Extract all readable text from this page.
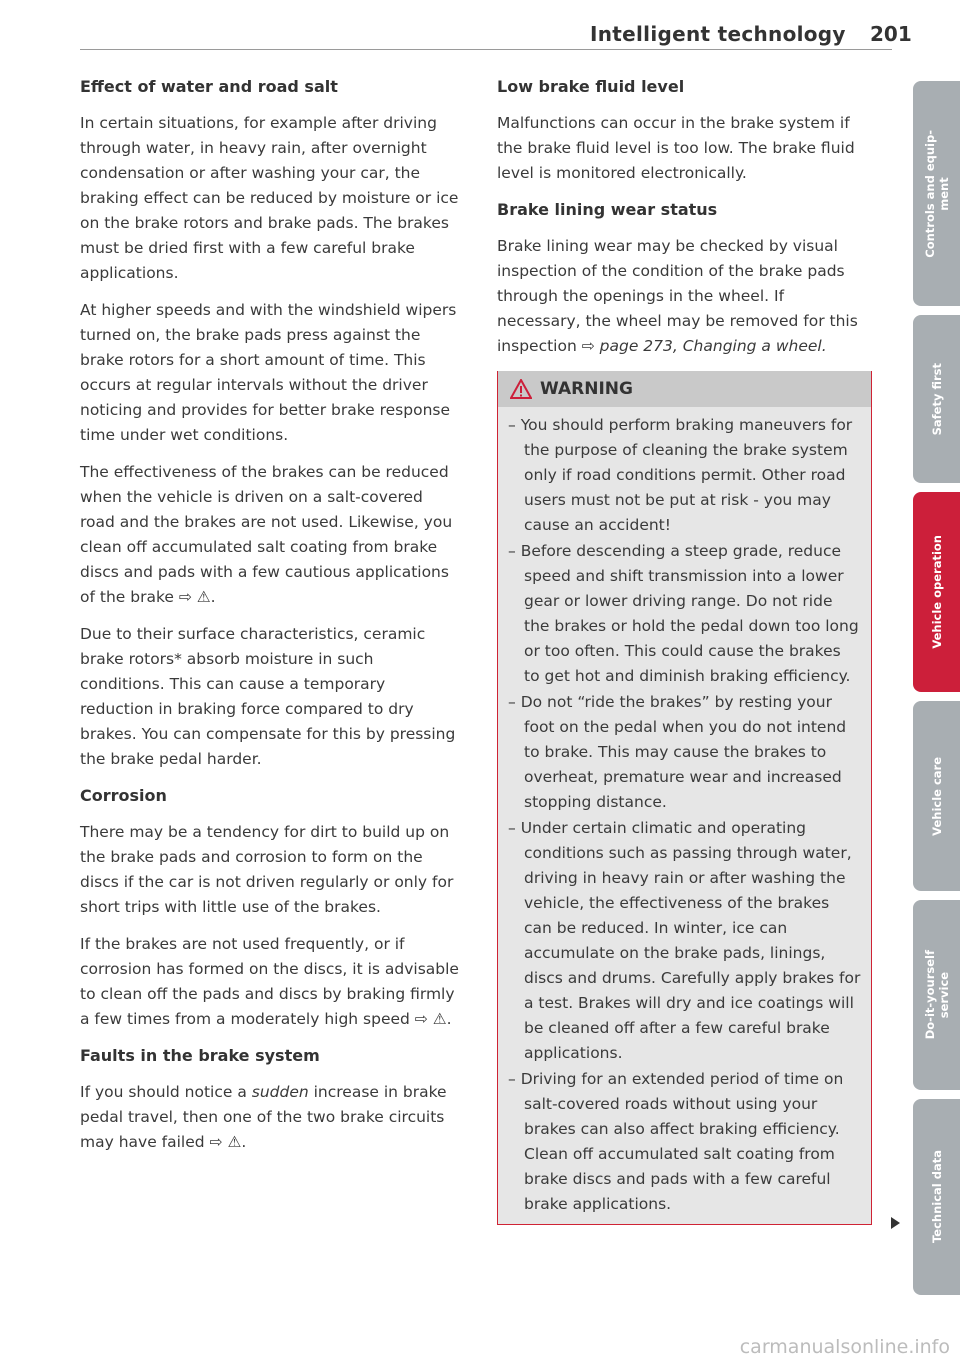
Intelligent technology 201
Effect of water and road salt

In certain situations, for example after driving through water, in heavy rain, after overnight condensation or after washing your car, the braking effect can be reduced by moisture or ice on the brake rotors and brake pads. The brakes must be dried first with a few careful brake applications.

At higher speeds and with the windshield wipers turned on, the brake pads press against the brake rotors for a short amount of time. This occurs at regular intervals without the driver noticing and provides for better brake response time under wet conditions.

The effectiveness of the brakes can be reduced when the vehicle is driven on a salt-covered road and the brakes are not used. Likewise, you clean off accumulated salt coating from brake discs and pads with a few cautious applications of the brake ⇨ ⚠.

Due to their surface characteristics, ceramic brake rotors* absorb moisture in such conditions. This can cause a temporary reduction in braking force compared to dry brakes. You can compensate for this by pressing the brake pedal harder.

Corrosion

There may be a tendency for dirt to build up on the brake pads and corrosion to form on the discs if the car is not driven regularly or only for short trips with little use of the brakes.

If the brakes are not used frequently, or if corrosion has formed on the discs, it is advisable to clean off the pads and discs by braking firmly a few times from a moderately high speed ⇨ ⚠.

Faults in the brake system

If you should notice a sudden increase in brake pedal travel, then one of the two brake circuits may have failed ⇨ ⚠.

Low brake fluid level

Malfunctions can occur in the brake system if the brake fluid level is too low. The brake fluid level is monitored electronically.

Brake lining wear status

Brake lining wear may be checked by visual inspection of the condition of the brake pads through the openings in the wheel. If necessary, the wheel may be removed for this inspection ⇨ page 273, Changing a wheel.

WARNING
– You should perform braking maneuvers for the purpose of cleaning the brake system only if road conditions permit. Other road users must not be put at risk - you may cause an accident!
– Before descending a steep grade, reduce speed and shift transmission into a lower gear or lower driving range. Do not ride the brakes or hold the pedal down too long or too often. This could cause the brakes to get hot and diminish braking efficiency.
– Do not “ride the brakes” by resting your foot on the pedal when you do not intend to brake. This may cause the brakes to overheat, premature wear and increased stopping distance.
– Under certain climatic and operating conditions such as passing through water, driving in heavy rain or after washing the vehicle, the effectiveness of the brakes can be reduced. In winter, ice can accumulate on the brake pads, linings, discs and drums. Carefully apply brakes for a test. Brakes will dry and ice coatings will be cleaned off after a few careful brake applications.
– Driving for an extended period of time on salt-covered roads without using your brakes can also affect braking efficiency. Clean off accumulated salt coating from brake discs and pads with a few careful brake applications.
Controls and equip-
ment
Safety first
Vehicle operation
Vehicle care
Do-it-yourself
service
Technical data
carmanualsonline.info
